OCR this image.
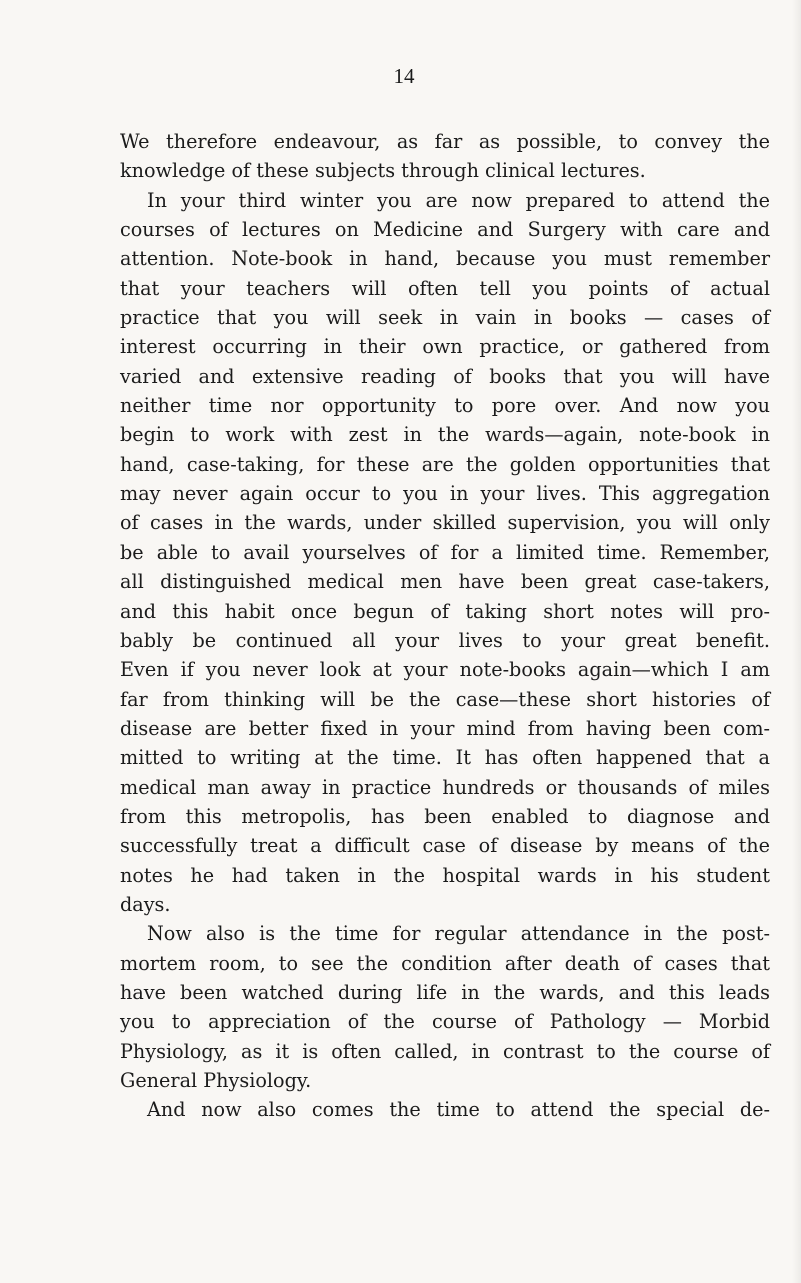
14
We therefore endeavour, as far as possible, to convey the
knowledge of these subjects through clinical lectures.
In your third winter you are now prepared to attend the
courses of lectures on Medicine and Surgery with care and
attention. Note-book in hand, because you must remember
that your teachers will often tell you points of actual
practice that you will seek in vain in books — cases of
interest occurring in their own practice, or gathered from
varied and extensive reading of books that you will have
neither time nor opportunity to pore over. And now you
begin to work with zest in the wards—again, note-book in
hand, case-taking, for these are the golden opportunities that
may never again occur to you in your lives. This aggregation
of cases in the wards, under skilled supervision, you will only
be able to avail yourselves of for a limited time. Remember,
all distinguished medical men have been great case-takers,
and this habit once begun of taking short notes will pro-
bably be continued all your lives to your great benefit.
Even if you never look at your note-books again—which I am
far from thinking will be the case—these short histories of
disease are better fixed in your mind from having been com-
mitted to writing at the time. It has often happened that a
medical man away in practice hundreds or thousands of miles
from this metropolis, has been enabled to diagnose and
successfully treat a difficult case of disease by means of the
notes he had taken in the hospital wards in his student
days.
Now also is the time for regular attendance in the post-
mortem room, to see the condition after death of cases that
have been watched during life in the wards, and this leads
you to appreciation of the course of Pathology — Morbid
Physiology, as it is often called, in contrast to the course of
General Physiology.
And now also comes the time to attend the special de-
